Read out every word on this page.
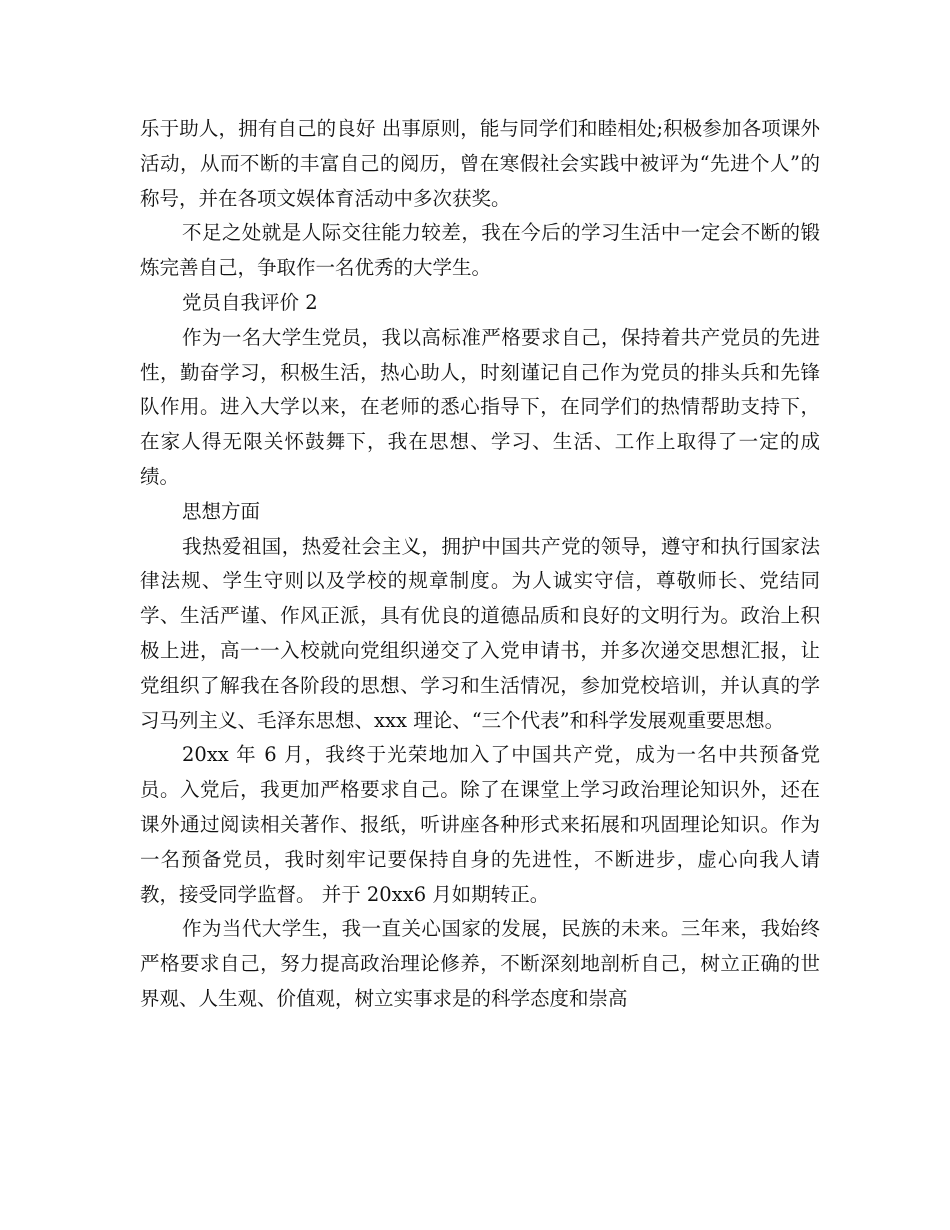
乐于助人，拥有自己的良好 出事原则，能与同学们和睦相处;积极参加各项课外活动，从而不断的丰富自己的阅历，曾在寒假社会实践中被评为“先进个人”的称号，并在各项文娱体育活动中多次获奖。

不足之处就是人际交往能力较差，我在今后的学习生活中一定会不断的锻炼完善自己，争取作一名优秀的大学生。

党员自我评价 2

作为一名大学生党员，我以高标准严格要求自己，保持着共产党员的先进性，勤奋学习，积极生活，热心助人，时刻谨记自己作为党员的排头兵和先锋队作用。进入大学以来，在老师的悉心指导下，在同学们的热情帮助支持下，在家人得无限关怀鼓舞下，我在思想、学习、生活、工作上取得了一定的成绩。

思想方面

我热爱祖国，热爱社会主义，拥护中国共产党的领导，遵守和执行国家法律法规、学生守则以及学校的规章制度。为人诚实守信，尊敬师长、党结同学、生活严谨、作风正派，具有优良的道德品质和良好的文明行为。政治上积极上进，高一一入校就向党组织递交了入党申请书，并多次递交思想汇报，让党组织了解我在各阶段的思想、学习和生活情况，参加党校培训，并认真的学习马列主义、毛泽东思想、xxx 理论、“三个代表”和科学发展观重要思想。

20xx 年 6 月，我终于光荣地加入了中国共产党，成为一名中共预备党员。入党后，我更加严格要求自己。除了在课堂上学习政治理论知识外，还在课外通过阅读相关著作、报纸，听讲座各种形式来拓展和巩固理论知识。作为一名预备党员，我时刻牢记要保持自身的先进性，不断进步，虚心向我人请教，接受同学监督。 并于 20xx6 月如期转正。

作为当代大学生，我一直关心国家的发展，民族的未来。三年来，我始终严格要求自己，努力提高政治理论修养，不断深刻地剖析自己，树立正确的世界观、人生观、价值观，树立实事求是的科学态度和崇高
